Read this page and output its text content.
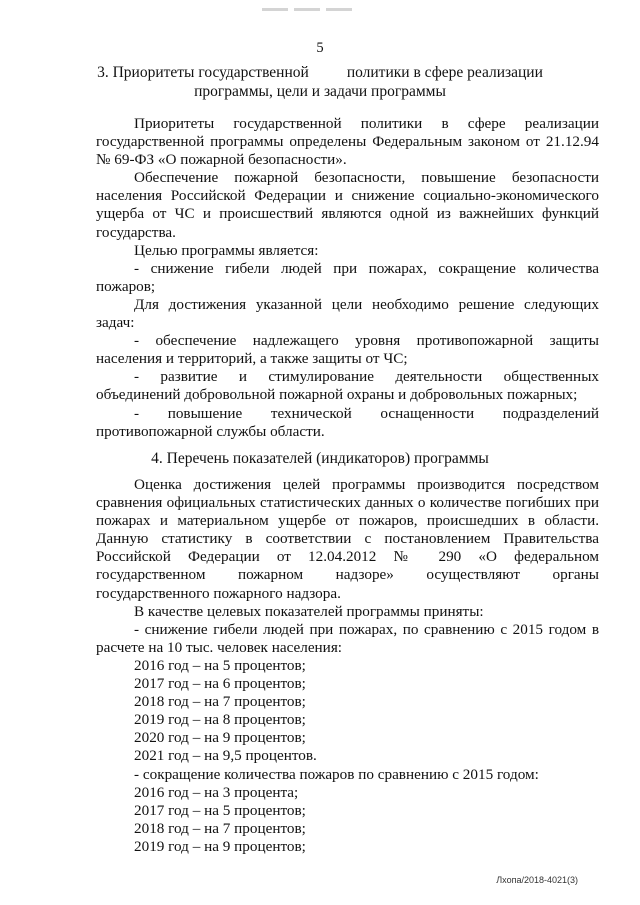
5
3. Приоритеты государственной политики в сфере реализации
программы, цели и задачи программы

Приоритеты государственной политики в сфере реализации государственной программы определены Федеральным законом от 21.12.94 № 69-ФЗ «О пожарной безопасности».

Обеспечение пожарной безопасности, повышение безопасности населения Российской Федерации и снижение социально-экономического ущерба от ЧС и происшествий являются одной из важнейших функций государства.

Целью программы является:

- снижение гибели людей при пожарах, сокращение количества пожаров;

Для достижения указанной цели необходимо решение следующих задач:

- обеспечение надлежащего уровня противопожарной защиты населения и территорий, а также защиты от ЧС;

- развитие и стимулирование деятельности общественных объединений добровольной пожарной охраны и добровольных пожарных;

- повышение технической оснащенности подразделений противопожарной службы области.

4. Перечень показателей (индикаторов) программы

Оценка достижения целей программы производится посредством сравнения официальных статистических данных о количестве погибших при пожарах и материальном ущербе от пожаров, происшедших в области. Данную статистику в соответствии с постановлением Правительства Российской Федерации от 12.04.2012 № 290 «О федеральном государственном пожарном надзоре» осуществляют органы государственного пожарного надзора.

В качестве целевых показателей программы приняты:

- снижение гибели людей при пожарах, по сравнению с 2015 годом в расчете на 10 тыс. человек населения:

2016 год – на 5 процентов;

2017 год – на 6 процентов;

2018 год – на 7 процентов;

2019 год – на 8 процентов;

2020 год – на 9 процентов;

2021 год – на 9,5 процентов.

- сокращение количества пожаров по сравнению с 2015 годом:

2016 год – на 3 процента;

2017 год – на 5 процентов;

2018 год – на 7 процентов;

2019 год – на 9 процентов;

Лхопа/2018-4021(3)
